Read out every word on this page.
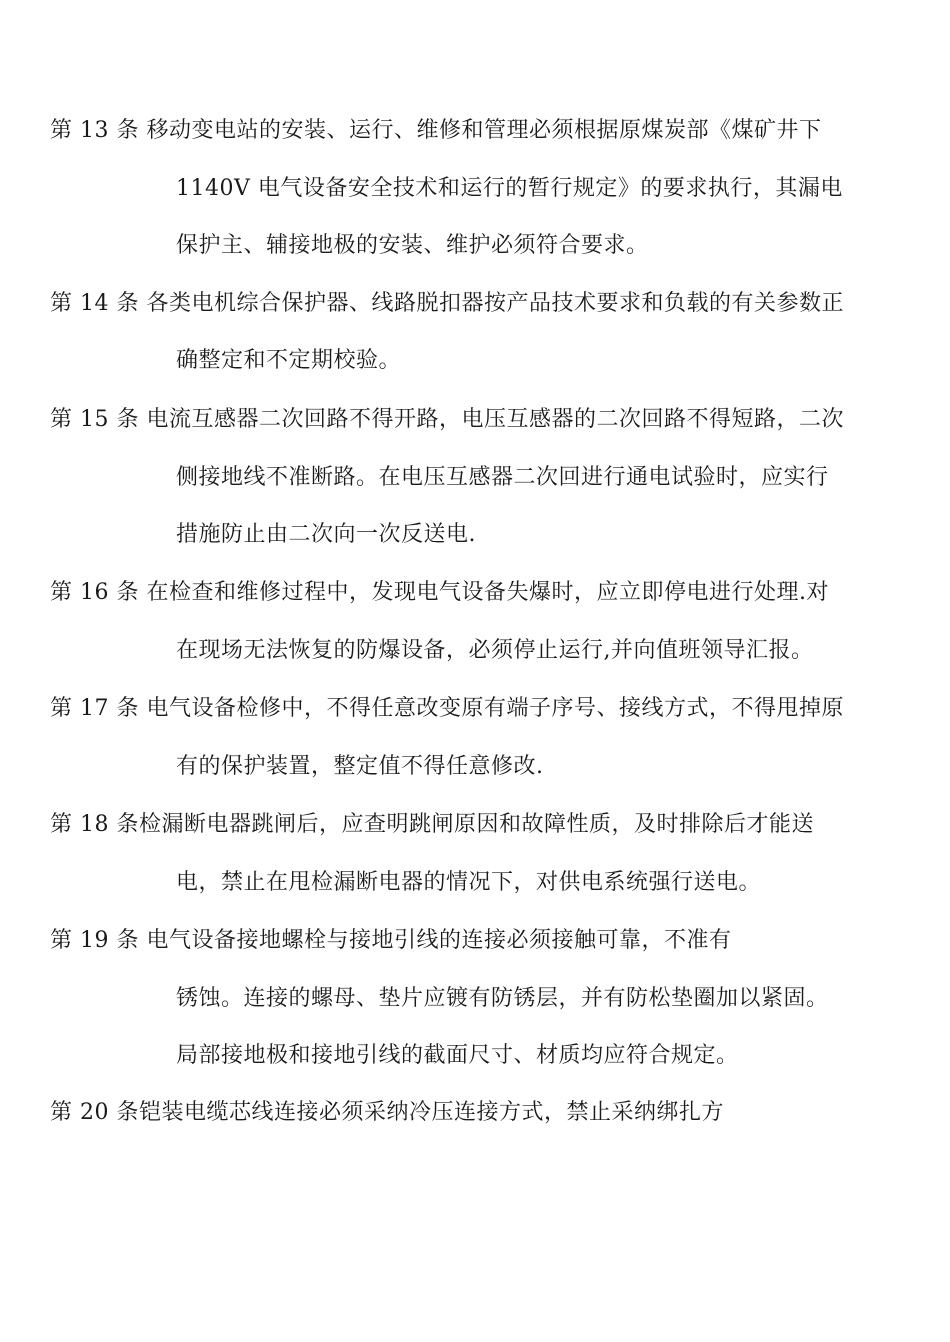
第 13 条 移动变电站的安装、运行、维修和管理必须根据原煤炭部《煤矿井下
1140V 电气设备安全技术和运行的暂行规定》的要求执行，其漏电
保护主、辅接地极的安装、维护必须符合要求。
第 14 条 各类电机综合保护器、线路脱扣器按产品技术要求和负载的有关参数正
确整定和不定期校验。
第 15 条 电流互感器二次回路不得开路，电压互感器的二次回路不得短路，二次
侧接地线不准断路。在电压互感器二次回进行通电试验时，应实行
措施防止由二次向一次反送电.
第 16 条 在检查和维修过程中，发现电气设备失爆时，应立即停电进行处理.对
在现场无法恢复的防爆设备，必须停止运行,并向值班领导汇报。
第 17 条 电气设备检修中，不得任意改变原有端子序号、接线方式，不得甩掉原
有的保护装置，整定值不得任意修改.
第 18 条检漏断电器跳闸后，应查明跳闸原因和故障性质，及时排除后才能送
电，禁止在甩检漏断电器的情况下，对供电系统强行送电。
第 19 条 电气设备接地螺栓与接地引线的连接必须接触可靠，不准有
锈蚀。连接的螺母、垫片应镀有防锈层，并有防松垫圈加以紧固。
局部接地极和接地引线的截面尺寸、材质均应符合规定。
第 20 条铠装电缆芯线连接必须采纳冷压连接方式，禁止采纳绑扎方
